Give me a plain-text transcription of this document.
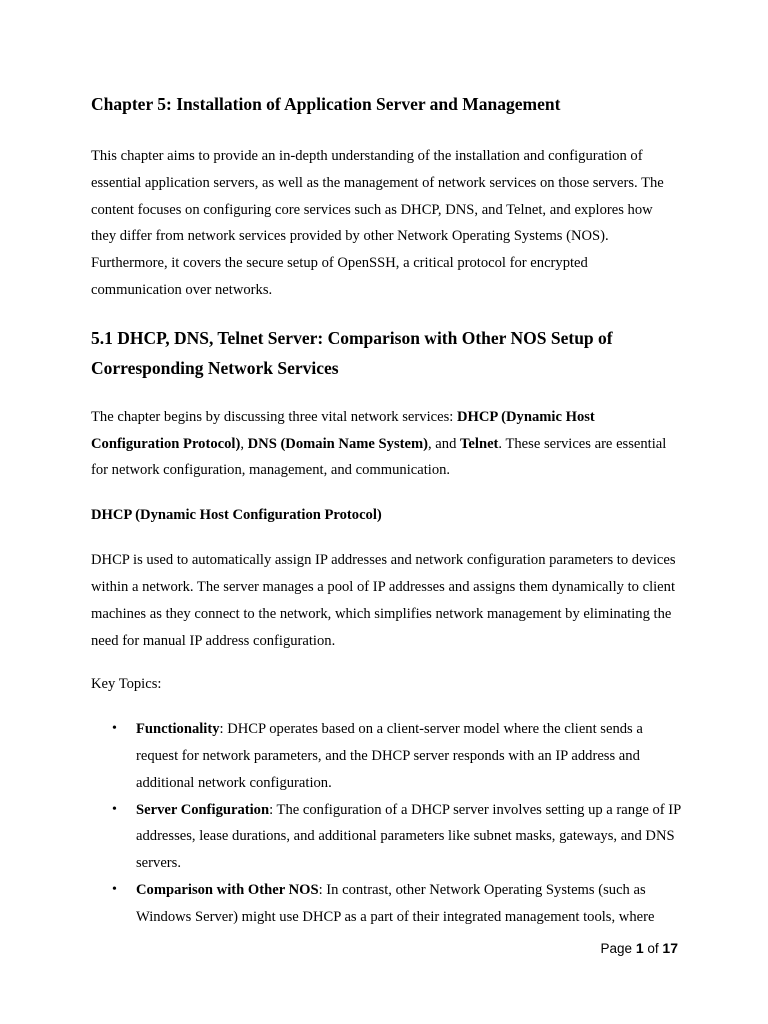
Chapter 5: Installation of Application Server and Management

This chapter aims to provide an in-depth understanding of the installation and configuration of essential application servers, as well as the management of network services on those servers. The content focuses on configuring core services such as DHCP, DNS, and Telnet, and explores how they differ from network services provided by other Network Operating Systems (NOS). Furthermore, it covers the secure setup of OpenSSH, a critical protocol for encrypted communication over networks.

5.1 DHCP, DNS, Telnet Server: Comparison with Other NOS Setup of
Corresponding Network Services

The chapter begins by discussing three vital network services: DHCP (Dynamic Host Configuration Protocol), DNS (Domain Name System), and Telnet. These services are essential for network configuration, management, and communication.

DHCP (Dynamic Host Configuration Protocol)

DHCP is used to automatically assign IP addresses and network configuration parameters to devices within a network. The server manages a pool of IP addresses and assigns them dynamically to client machines as they connect to the network, which simplifies network management by eliminating the need for manual IP address configuration.

Key Topics:

• Functionality: DHCP operates based on a client-server model where the client sends a request for network parameters, and the DHCP server responds with an IP address and additional network configuration.
• Server Configuration: The configuration of a DHCP server involves setting up a range of IP addresses, lease durations, and additional parameters like subnet masks, gateways, and DNS servers.
• Comparison with Other NOS: In contrast, other Network Operating Systems (such as Windows Server) might use DHCP as a part of their integrated management tools, where
Page 1 of 17
